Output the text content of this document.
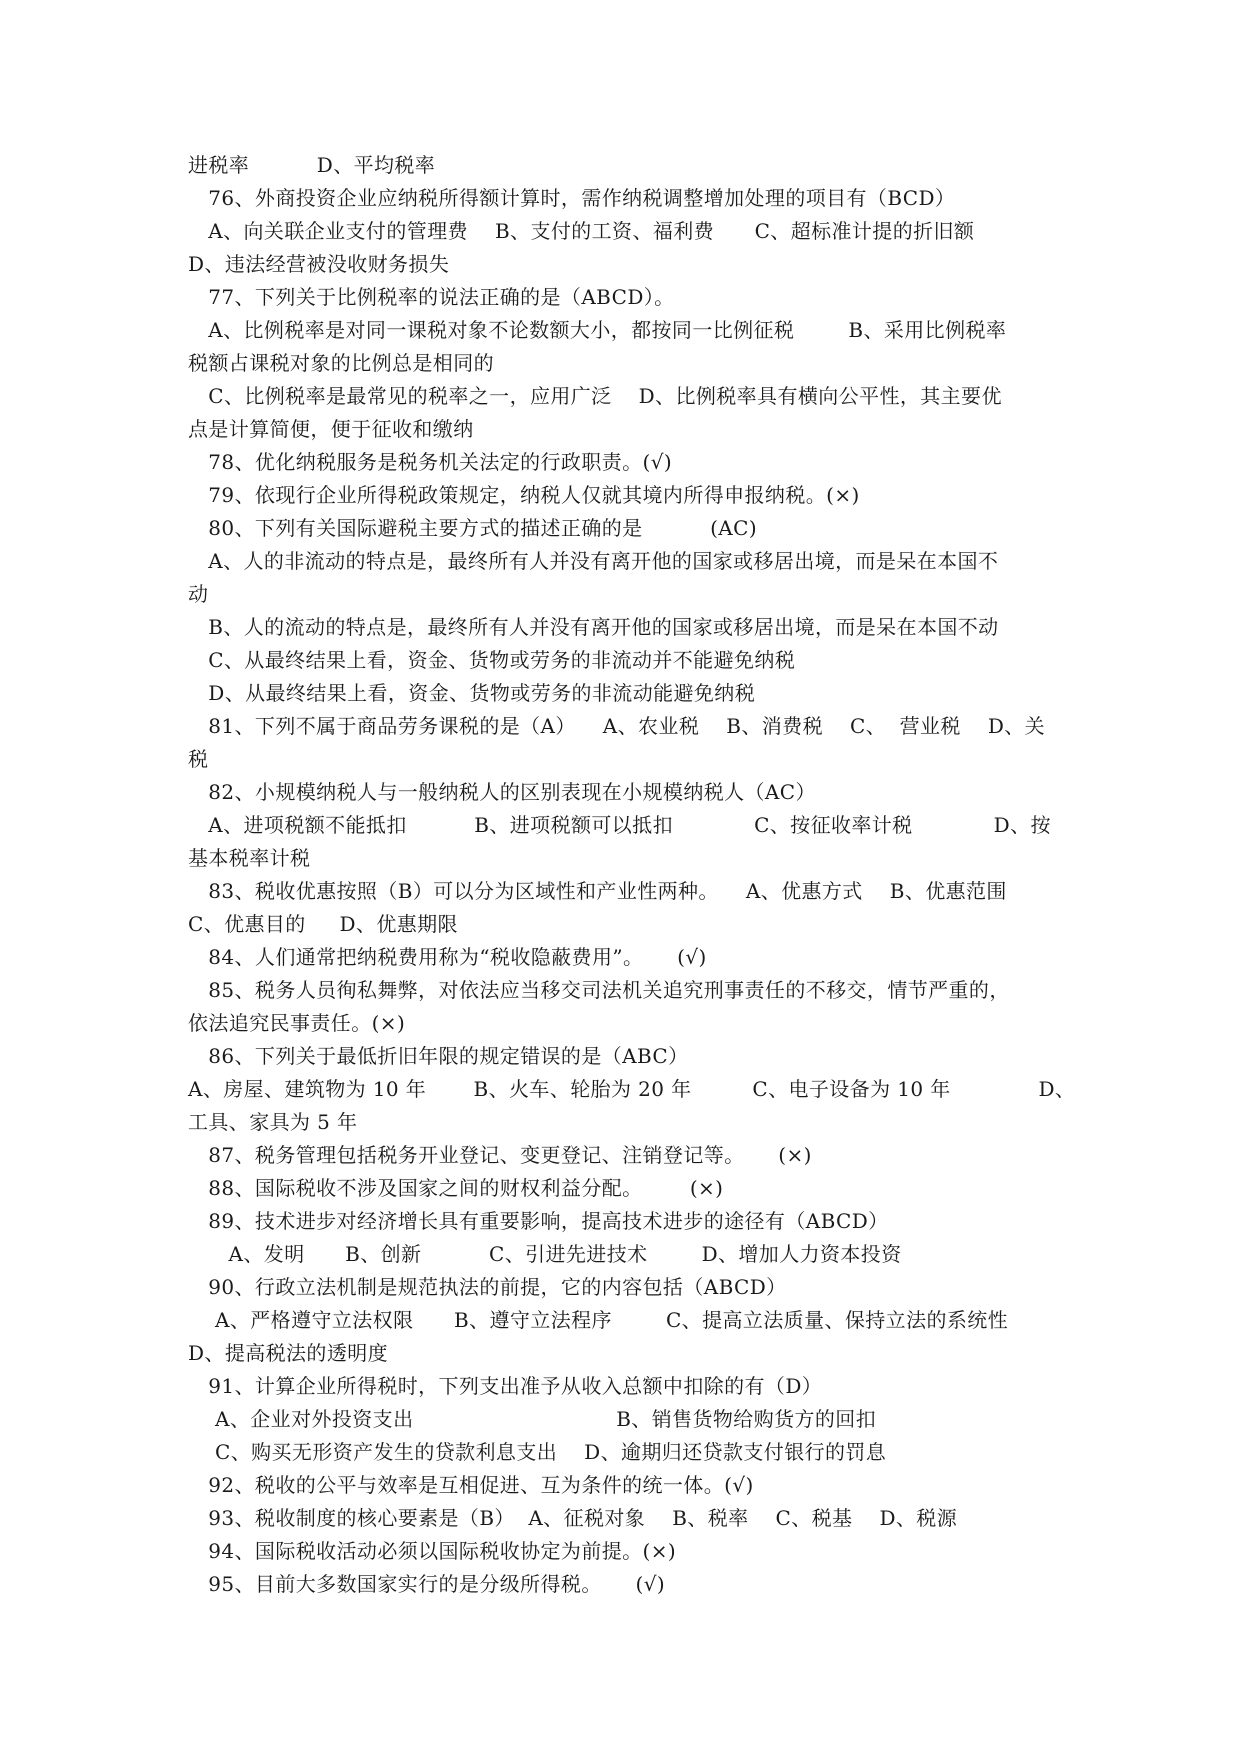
进税率          D、平均税率
76、外商投资企业应纳税所得额计算时，需作纳税调整增加处理的项目有（BCD）
A、向关联企业支付的管理费    B、支付的工资、福利费      C、超标准计提的折旧额
D、违法经营被没收财务损失
77、下列关于比例税率的说法正确的是（ABCD）。
A、比例税率是对同一课税对象不论数额大小，都按同一比例征税        B、采用比例税率
税额占课税对象的比例总是相同的
C、比例税率是最常见的税率之一，应用广泛    D、比例税率具有横向公平性，其主要优
点是计算简便，便于征收和缴纳
78、优化纳税服务是税务机关法定的行政职责。(√)
79、依现行企业所得税政策规定，纳税人仅就其境内所得申报纳税。(×)
80、下列有关国际避税主要方式的描述正确的是          (AC)
A、人的非流动的特点是，最终所有人并没有离开他的国家或移居出境，而是呆在本国不
动
B、人的流动的特点是，最终所有人并没有离开他的国家或移居出境，而是呆在本国不动
C、从最终结果上看，资金、货物或劳务的非流动并不能避免纳税
D、从最终结果上看，资金、货物或劳务的非流动能避免纳税
81、下列不属于商品劳务课税的是（A）    A、农业税    B、消费税    C、  营业税    D、关
税
82、小规模纳税人与一般纳税人的区别表现在小规模纳税人（AC）
A、进项税额不能抵扣          B、进项税额可以抵扣            C、按征收率计税            D、按
基本税率计税
83、税收优惠按照（B）可以分为区域性和产业性两种。    A、优惠方式    B、优惠范围
C、优惠目的     D、优惠期限
84、人们通常把纳税费用称为“税收隐蔽费用”。     (√)
85、税务人员徇私舞弊，对依法应当移交司法机关追究刑事责任的不移交，情节严重的，
依法追究民事责任。(×)
86、下列关于最低折旧年限的规定错误的是（ABC）
A、房屋、建筑物为 10 年       B、火车、轮胎为 20 年         C、电子设备为 10 年             D、
工具、家具为 5 年
87、税务管理包括税务开业登记、变更登记、注销登记等。     (×)
88、国际税收不涉及国家之间的财权利益分配。       (×)
89、技术进步对经济增长具有重要影响，提高技术进步的途径有（ABCD）
A、发明      B、创新          C、引进先进技术        D、增加人力资本投资
90、行政立法机制是规范执法的前提，它的内容包括（ABCD）
A、严格遵守立法权限      B、遵守立法程序        C、提高立法质量、保持立法的系统性
D、提高税法的透明度
91、计算企业所得税时，下列支出准予从收入总额中扣除的有（D）
A、企业对外投资支出                              B、销售货物给购货方的回扣
C、购买无形资产发生的贷款利息支出    D、逾期归还贷款支付银行的罚息
92、税收的公平与效率是互相促进、互为条件的统一体。(√)
93、税收制度的核心要素是（B）  A、征税对象    B、税率    C、税基    D、税源
94、国际税收活动必须以国际税收协定为前提。(×)
95、目前大多数国家实行的是分级所得税。     (√)
